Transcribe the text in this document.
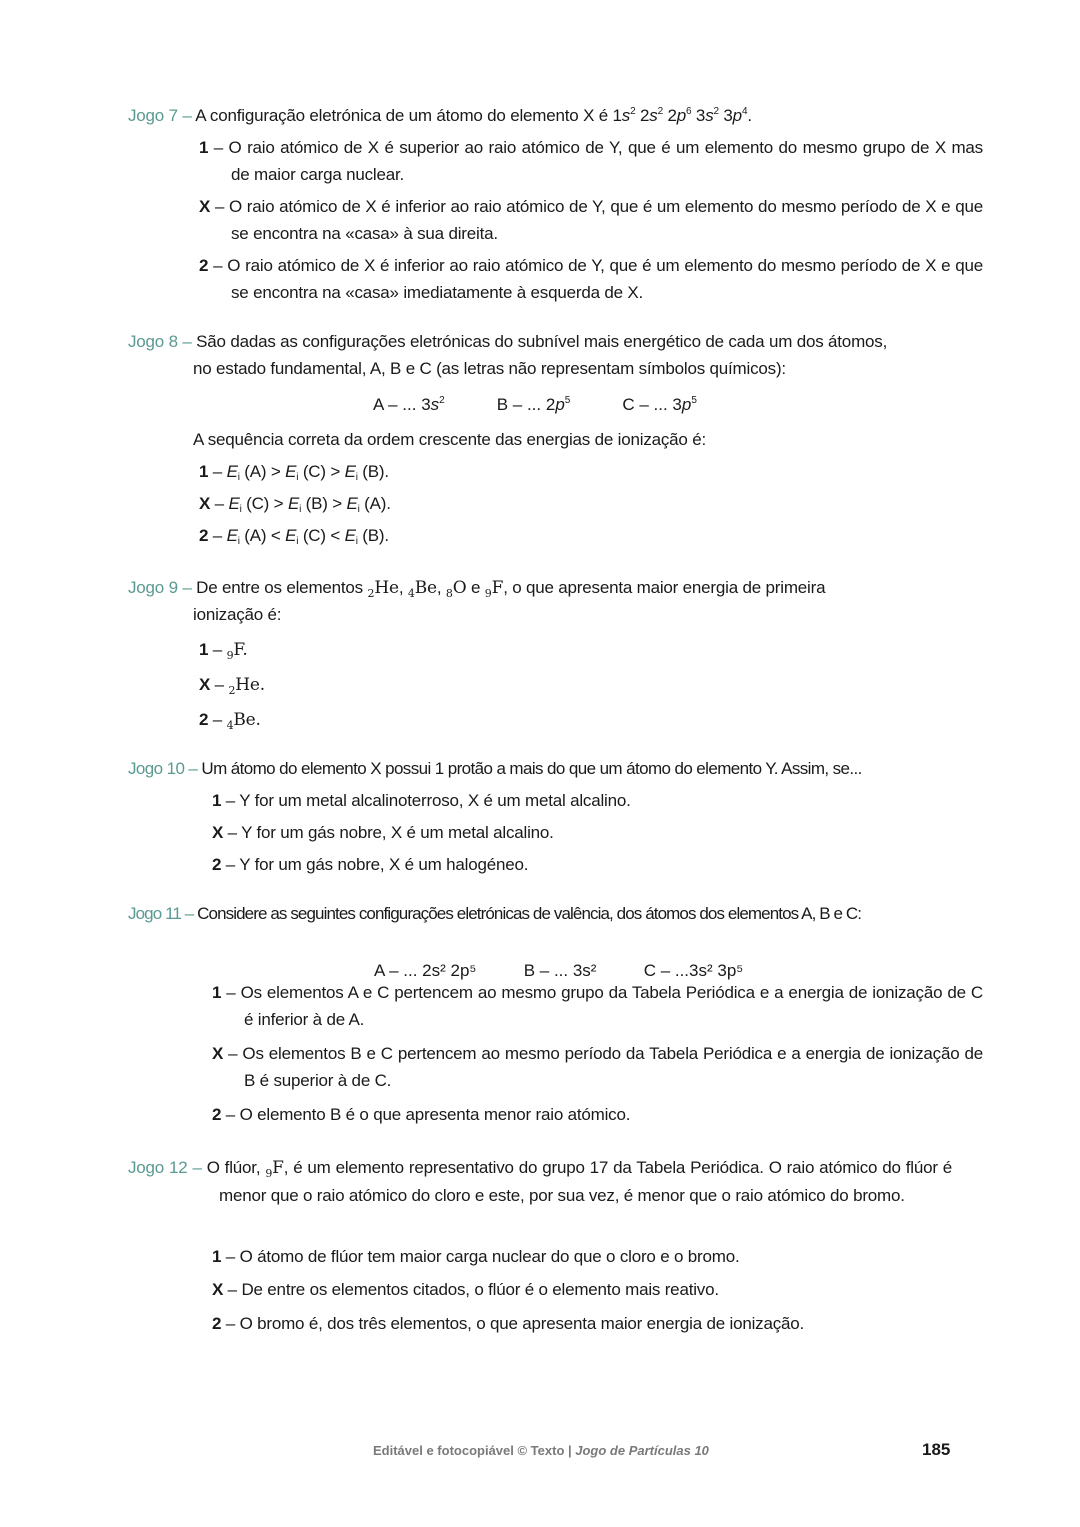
Jogo 7 – A configuração eletrónica de um átomo do elemento X é $1s^2$ $2s^2$ $2p^6$ $3s^2$ $3p^4$.
1 – O raio atómico de X é superior ao raio atómico de Y, que é um elemento do mesmo grupo de X mas de maior carga nuclear.
X – O raio atómico de X é inferior ao raio atómico de Y, que é um elemento do mesmo período de X e que se encontra na «casa» à sua direita.
2 – O raio atómico de X é inferior ao raio atómico de Y, que é um elemento do mesmo período de X e que se encontra na «casa» imediatamente à esquerda de X.
Jogo 8 – São dadas as configurações eletrónicas do subnível mais energético de cada um dos átomos,
no estado fundamental, A, B e C (as letras não representam símbolos químicos):
A – ... $3s^2$	B – ... $2p^5$	C – ... $3p^5$
A sequência correta da ordem crescente das energias de ionização é:
1 – Ei (A) > Ei (C) > Ei (B).
X – Ei (C) > Ei (B) > Ei (A).
2 – Ei (A) < Ei (C) < Ei (B).
Jogo 9 – De entre os elementos $_2$He, $_4$Be, $_8$O e $_9$F, o que apresenta maior energia de primeira
ionização é:
1 – $_9$F.
X – $_2$He.
2 – $_4$Be.
Jogo 10 – Um átomo do elemento X possui 1 protão a mais do que um átomo do elemento Y. Assim, se...
1 – Y for um metal alcalinoterroso, X é um metal alcalino.
X – Y for um gás nobre, X é um metal alcalino.
2 – Y for um gás nobre, X é um halogéneo.
Jogo 11 – Considere as seguintes configurações eletrónicas de valência, dos átomos dos elementos A, B e C:

A – ... 2s² 2p⁵	B – ... 3s²	C – ...3s² 3p⁵

1 – Os elementos A e C pertencem ao mesmo grupo da Tabela Periódica e a energia de ionização de C é inferior à de A.
X – Os elementos B e C pertencem ao mesmo período da Tabela Periódica e a energia de ionização de B é superior à de C.
2 – O elemento B é o que apresenta menor raio atómico.
Jogo 12 – O flúor, $_9$F, é um elemento representativo do grupo 17 da Tabela Periódica. O raio atómico do flúor é menor que o raio atómico do cloro e este, por sua vez, é menor que o raio atómico do bromo.
1 – O átomo de flúor tem maior carga nuclear do que o cloro e o bromo.
X – De entre os elementos citados, o flúor é o elemento mais reativo.
2 – O bromo é, dos três elementos, o que apresenta maior energia de ionização.
Editável e fotocopiável © Texto | Jogo de Partículas 10	185
